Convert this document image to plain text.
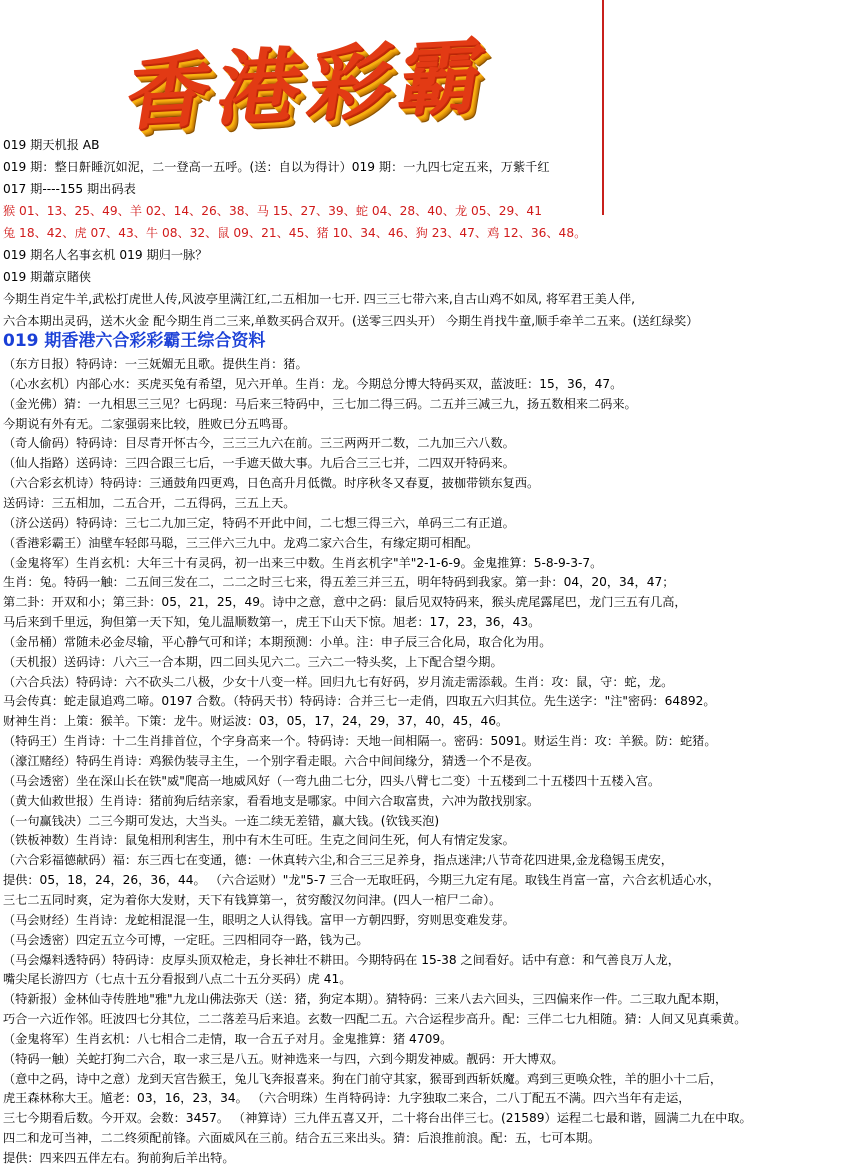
香港彩霸
019 期天机报 AB
019 期：整日鼾睡沉如泥，二一登高一五呼。(送：自以为得计）019 期：一九四七定五来，万紫千红
017 期----155 期出码表
猴 01、13、25、49、羊 02、14、26、38、马 15、27、39、蛇 04、28、40、龙 05、29、41
兔 18、42、虎 07、43、牛 08、32、鼠 09、21、45、猪 10、34、46、狗 23、47、鸡 12、36、48。
019 期名人名事玄机 019 期归一脉？
019 期蕭京賭侠
今期生肖定牛羊,武松打虎世人传,风波亭里满江红,二五相加一七开. 四三三七带六来,自古山鸡不如凤, 将军君王美人伴,
六合本期出灵码，送木火金 配今期生肖二三来,单数买码合双开。(送零三四头开） 今期生肖找牛童,顺手牵羊二五来。(送红绿奖）
019 期香港六合彩彩霸王综合资料
（东方日报）特码诗：一三妩媚无且歌。提供生肖：猪。
（心水玄机）内部心水：买虎买兔有希望，见六开单。生肖：龙。今期总分博大特码买双，蓝波旺：15，36，47。
（金光佛）猜：一九相思三三见？七码现：马后来三特码中，三七加二得三码。二五并三减三九，扬五数相来二码来。
今期说有外有无。二家强弱来比较，胜败已分五鸣哥。
（奇人偷码）特码诗：目尽青开怀古今，三三三九六在前。三三两两开二数，二九加三六八数。
（仙人指路）送码诗：三四合跟三七后，一手遮天做大事。九后合三三七并，二四双开特码来。
（六合彩玄机诗）特码诗：三通鼓角四更鸡，日色高升月低微。时序秋冬又春夏，披枷带锁东复西。
送码诗：三五相加，二五合开，二五得码，三五上天。
（济公送码）特码诗：三七二九加三定，特码不开此中间，二七想三得三六，单码三二有正道。
（香港彩霸王）油壁车轻郎马聪，三三伴六三九中。龙鸡二家六合生，有缘定期可相配。
（金鬼将军）生肖玄机：大年三十有灵码，初一出来三中数。生肖玄机字"羊"2-1-6-9。金鬼推算：5-8-9-3-7。
生肖：兔。特码一触：二五间三发在二，二二之时三七来，得五差三并三五，明年特码到我家。第一卦：04，20，34，47；
第二卦：开双和小；第三卦：05，21，25，49。诗中之意，意中之码：鼠后见双特码来，猴头虎尾露尾巴，龙门三五有几高，
马后来到千里远，狗但第一天下知，兔儿温顺数第一，虎王下山天下惊。旭老：17，23，36，43。
（金吊桶）常随未必金尽输，平心静气可和详；本期预测：小单。注：申子辰三合化局，取合化为用。
（天机报）送码诗：八六三一合本期，四二回头见六二。三六二一特头奖，上下配合望今期。
（六合兵法）特码诗：六不砍头二八极，少女十八变一样。回归九七有好码，岁月流走需添载。生肖：攻：鼠，守：蛇，龙。
马会传真：蛇走鼠追鸡二啼。0197 合数。（特码天书）特码诗：合并三七一走俏，四取五六归其位。先生送字："注"密码：64892。
财神生肖：上策：猴羊。下策：龙牛。财运波：03，05，17，24，29，37，40，45，46。
（特码王）生肖诗：十二生肖排首位，个字身高来一个。特码诗：天地一间相隔一。密码：5091。财运生肖：攻：羊猴。防：蛇猪。
（濠江赌经）特码生肖诗：鸡猴伪装寻主生，一个别字看走眼。六合中间间缘分，猜透一个不是夜。
（马会透密）坐在深山长在铁"威"爬高一地威风好（一弯九曲二七分，四头八臂七二变）十五楼到二十五楼四十五楼入宫。
（黄大仙救世报）生肖诗：猪前狗后结亲家，看看地支是哪家。中间六合取富贵，六冲为散找别家。
（一句赢钱决）二三今期可发达，大当头。一连二续无差错，赢大钱。(钦钱买泡)
（铁板神数）生肖诗：鼠兔相刑利害生，刑中有木生可旺。生克之间问生死，何人有情定发家。
（六合彩福德献码）福：东三西七在变通，德：一休真转六尘,和合三三足养身，指点迷津;八节奇花四进果,金龙稳锡玉虎安，
提供：05，18，24，26，36，44。 （六合运财）"龙"5-7 三合一无取旺码，今期三九定有尾。取钱生肖富一富，六合玄机适心水，
三七二五同时爽，定为着你大发财，天下有钱算第一，贫穷酸汉勿问津。(四人一棺尸二命）。
（马会财经）生肖诗：龙蛇相混混一生，眼明之人认得钱。富甲一方朝四野，穷则思变难发芽。
（马会透密）四定五立今可博，一定旺。三四相同夺一路，钱为己。
（马会爆料透特码）特码诗：皮厚头顶双枪走，身长神壮不耕田。今期特码在 15-38 之间看好。话中有意：和气善良万人龙，
嘴尖尾长游四方（七点十五分看报到八点二十五分买码）虎 41。
（特新报）金林仙寺传胜地"雅"九龙山佛法弥天（送：猪，狗定本期）。猜特码：三来八去六回头，三四偏来作一件。二三取九配本期，
巧合一六近作邻。旺波四七分其位，二二落差马后来追。玄数一四配二五。六合运程步高升。配：三伴二七九相随。猜：人间又见真乘黄。
（金鬼将军）生肖玄机：八七相合二走情，取一合五子对月。金鬼推算：猪 4709。
（特码一触）关蛇打狗二六合，取一求三是八五。财神选来一与四，六到今期发神威。靓码：开大博双。
（意中之码，诗中之意）龙到天宫告猴王，兔儿飞奔报喜来。狗在门前守其家，猴哥到西斩妖魔。鸡到三更唤众牲，羊的胆小十二后，
虎王森林称大王。馗老：03，16，23，34。 （六合明珠）生肖特码诗：九字独取二来合，二八丁配五不满。四六当年有走运，
三七今期看后数。今开双。会数：3457。 （神算诗）三九伴五喜又开，二十将台出伴三七。(21589）运程二七最和谐，圆满二九在中取。
四二和龙可当神，二二终须配前锋。六面威风在三前。结合五三来出头。猜：后浪推前浪。配：五，七可本期。
提供：四来四五伴左右。狗前狗后羊出特。
